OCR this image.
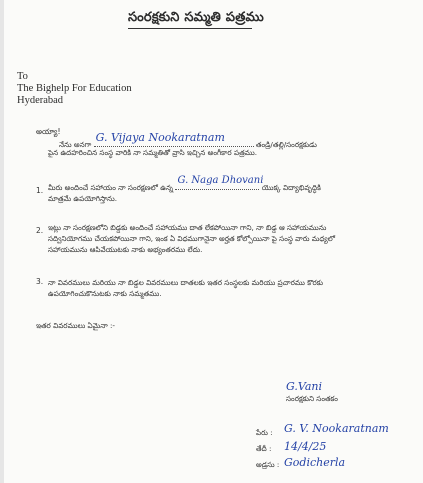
సంరక్షకుని సమ్మతి పత్రము
To
The Bighelp For Education
Hyderabad
అయ్యా!
నేను అనగా
G. Vijaya Nookaratnam
తండ్రి/తల్లి/సంరక్షకుడు
పైన ఉదహరించిన సంస్థ వారికి నా సమ్మతితో వ్రాసి ఇచ్చిన అంగీకార పత్రము.
1. మీరు అందించే సహాయం నా సంరక్షణలో ఉన్న
G. Naga Dhovani
యొక్క విద్యాభివృద్ధికి
మాత్రమే ఉపయోగిస్తాను.
2. ఇట్లు నా సంరక్షణలోని బిడ్డకు అందించే సహాయము దాత లేకపోయినా గాని, నా బిడ్డ ఆ సహాయమును
సద్వినియోగము చేయకపోయినా గాని, ఇంక ఏ విధముగానైనా అర్హత కోల్పోయినా పై సంస్థ వారు మధ్యలో
సహాయమును ఆపివేయుటకు నాకు అభ్యంతరము లేదు.
3. నా వివరములు మరియు నా బిడ్డల వివరములు దాతలకు ఇతర సంస్థలకు మరియు ప్రచారము కొరకు
ఉపయోగించుకొనుటకు నాకు సమ్మతము.
ఇతర వివరములు ఏమైనా :-
G.Vani
సంరక్షకుని సంతకం
పేరు : G. V. Nookaratnam
తేదీ : 14/4/25
అడ్రసు : Godicherla
